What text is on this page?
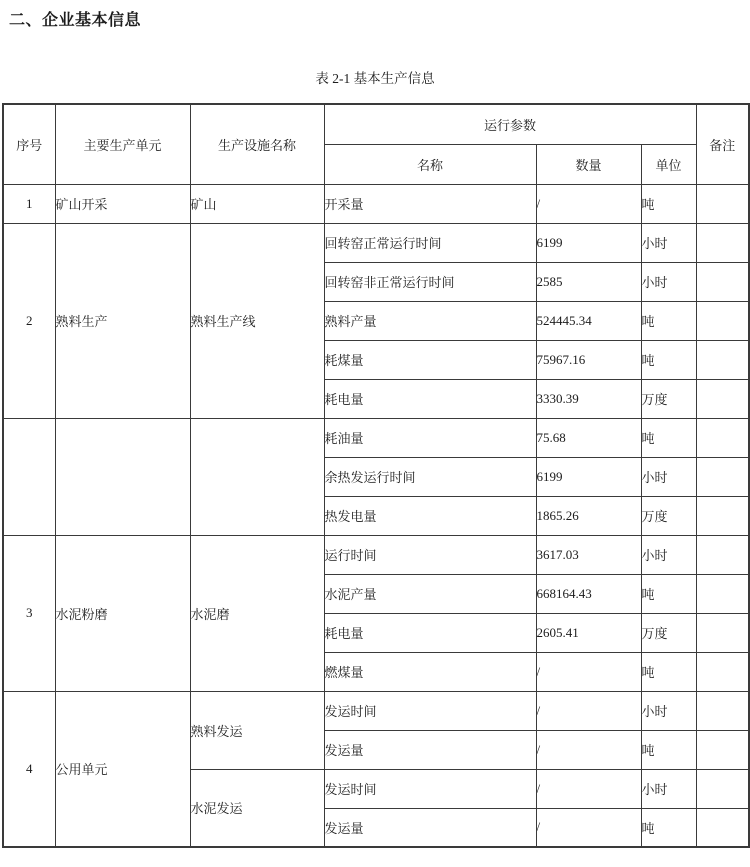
二、企业基本信息
表 2-1 基本生产信息
序号	主要生产单元	生产设施名称	运行参数			备注
			名称	数量	单位	
1	矿山开采	矿山	开采量	/	吨	
2	熟料生产	熟料生产线	回转窑正常运行时间	6199	小时	
			回转窑非正常运行时间	2585	小时	
			熟料产量	524445.34	吨	
			耗煤量	75967.16	吨	
			耗电量	3330.39	万度	
			耗油量	75.68	吨	
			余热发运行时间	6199	小时	
			热发电量	1865.26	万度	
3	水泥粉磨	水泥磨	运行时间	3617.03	小时	
			水泥产量	668164.43	吨	
			耗电量	2605.41	万度	
			燃煤量	/	吨	
4	公用单元	熟料发运	发运时间	/	小时	
			发运量	/	吨	
		水泥发运	发运时间	/	小时	
			发运量	/	吨	
